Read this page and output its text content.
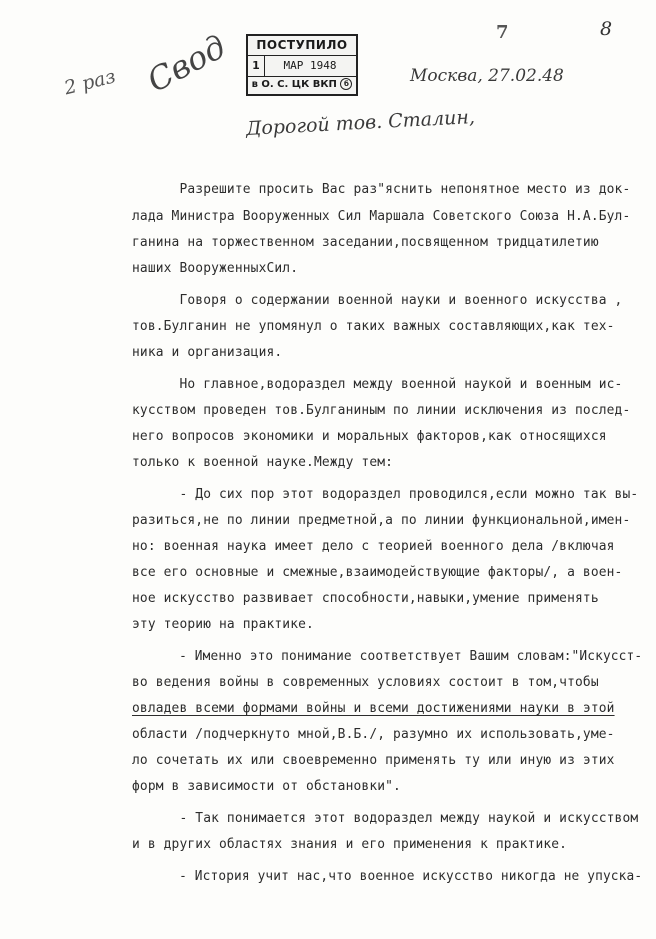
ПОСТУПИЛО
1	МАР 1948
в О. С. ЦК ВКП б
7	8
2 раз Свод	Москва, 27.02.48
Дорогой тов. Сталин,
Разрешите просить Вас раз"яснить непонятное место из док-
лада Министра Вооруженных Сил Маршала Советского Союза Н.А.Бул-
ганина на торжественном заседании,посвященном тридцатилетию
наших ВооруженныхСил.
Говоря о содержании военной науки и военного искусства ,
тов.Булганин не упомянул о таких важных составляющих,как тех-
ника и организация.
Но главное,водораздел между военной наукой и военным ис-
кусством проведен тов.Булганиным по линии исключения из послед-
него вопросов экономики и моральных факторов,как относящихся
только к военной науке.Между тем:
- До сих пор этот водораздел проводился,если можно так вы-
разиться,не по линии предметной,а по линии функциональной,имен-
но: военная наука имеет дело с теорией военного дела /включая
все его основные и смежные,взаимодействующие факторы/, а воен-
ное искусство развивает способности,навыки,умение применять
эту теорию на практике.
- Именно это понимание соответствует Вашим словам:"Искусст-
во ведения войны в современных условиях состоит в том,чтобы
овладев всеми формами войны и всеми достижениями науки в этой
области /подчеркнуто мной,В.Б./, разумно их использовать,уме-
ло сочетать их или своевременно применять ту или иную из этих
форм в зависимости от обстановки".
- Так понимается этот водораздел между наукой и искусством
и в других областях знания и его применения к практике.
- История учит нас,что военное искусство никогда не упуска-
